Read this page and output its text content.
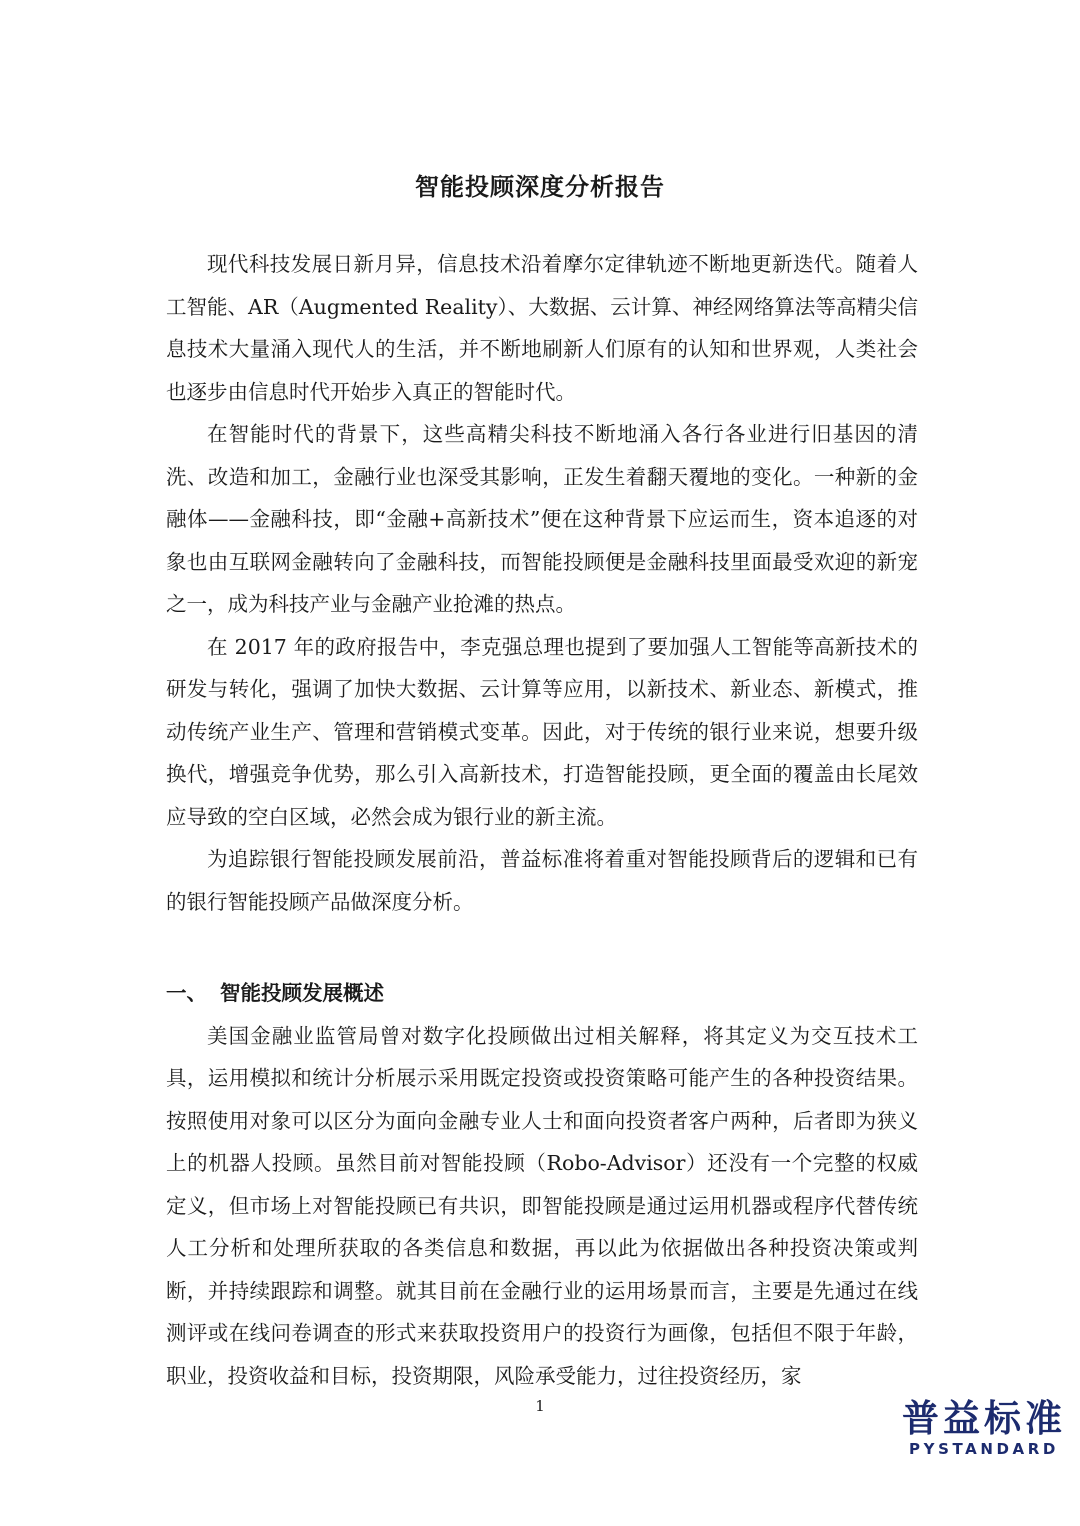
智能投顾深度分析报告

现代科技发展日新月异，信息技术沿着摩尔定律轨迹不断地更新迭代。随着人工智能、AR（Augmented Reality）、大数据、云计算、神经网络算法等高精尖信息技术大量涌入现代人的生活，并不断地刷新人们原有的认知和世界观，人类社会也逐步由信息时代开始步入真正的智能时代。

在智能时代的背景下，这些高精尖科技不断地涌入各行各业进行旧基因的清洗、改造和加工，金融行业也深受其影响，正发生着翻天覆地的变化。一种新的金融体——金融科技，即“金融+高新技术”便在这种背景下应运而生，资本追逐的对象也由互联网金融转向了金融科技，而智能投顾便是金融科技里面最受欢迎的新宠之一，成为科技产业与金融产业抢滩的热点。

在 2017 年的政府报告中，李克强总理也提到了要加强人工智能等高新技术的研发与转化，强调了加快大数据、云计算等应用，以新技术、新业态、新模式，推动传统产业生产、管理和营销模式变革。因此，对于传统的银行业来说，想要升级换代，增强竞争优势，那么引入高新技术，打造智能投顾，更全面的覆盖由长尾效应导致的空白区域，必然会成为银行业的新主流。

为追踪银行智能投顾发展前沿，普益标准将着重对智能投顾背后的逻辑和已有的银行智能投顾产品做深度分析。

一、 智能投顾发展概述

美国金融业监管局曾对数字化投顾做出过相关解释，将其定义为交互技术工具，运用模拟和统计分析展示采用既定投资或投资策略可能产生的各种投资结果。按照使用对象可以区分为面向金融专业人士和面向投资者客户两种，后者即为狭义上的机器人投顾。虽然目前对智能投顾（Robo-Advisor）还没有一个完整的权威定义，但市场上对智能投顾已有共识，即智能投顾是通过运用机器或程序代替传统人工分析和处理所获取的各类信息和数据，再以此为依据做出各种投资决策或判断，并持续跟踪和调整。就其目前在金融行业的运用场景而言，主要是先通过在线测评或在线问卷调查的形式来获取投资用户的投资行为画像，包括但不限于年龄，职业，投资收益和目标，投资期限，风险承受能力，过往投资经历，家

1	普益标准
PYSTANDARD
